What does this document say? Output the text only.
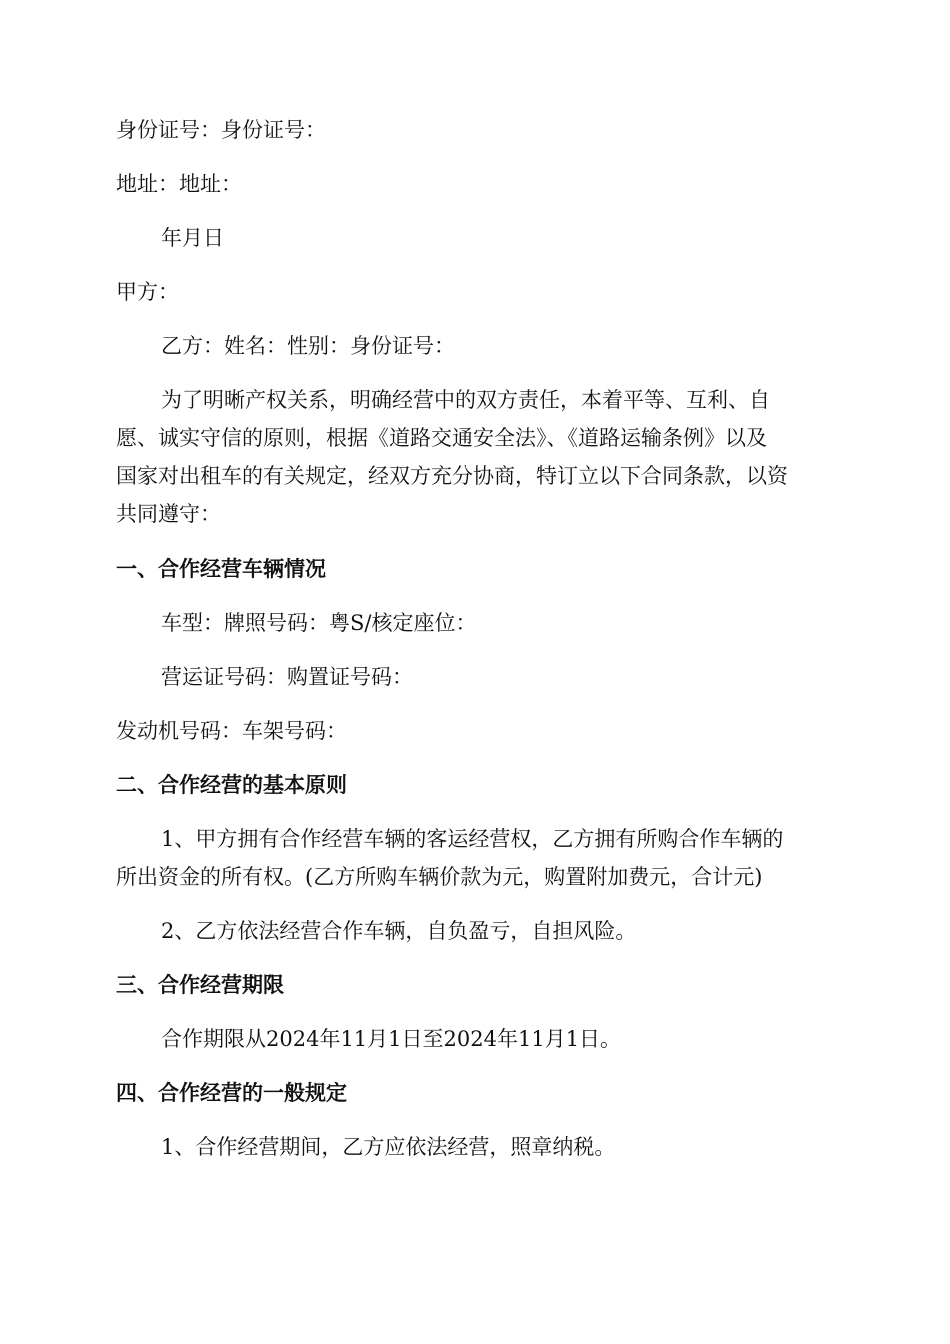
身份证号：身份证号：
地址：地址：
年月日
甲方：
乙方：姓名：性别：身份证号：
为了明晰产权关系，明确经营中的双方责任，本着平等、互利、自
愿、诚实守信的原则，根据《道路交通安全法》、《道路运输条例》以及
国家对出租车的有关规定，经双方充分协商，特订立以下合同条款，以资
共同遵守：
一、合作经营车辆情况
车型：牌照号码：粤S/核定座位：
营运证号码：购置证号码：
发动机号码：车架号码：
二、合作经营的基本原则
1、甲方拥有合作经营车辆的客运经营权，乙方拥有所购合作车辆的
所出资金的所有权。(乙方所购车辆价款为元，购置附加费元，合计元)
2、乙方依法经营合作车辆，自负盈亏，自担风险。
三、合作经营期限
合作期限从2024年11月1日至2024年11月1日。
四、合作经营的一般规定
1、合作经营期间，乙方应依法经营，照章纳税。
